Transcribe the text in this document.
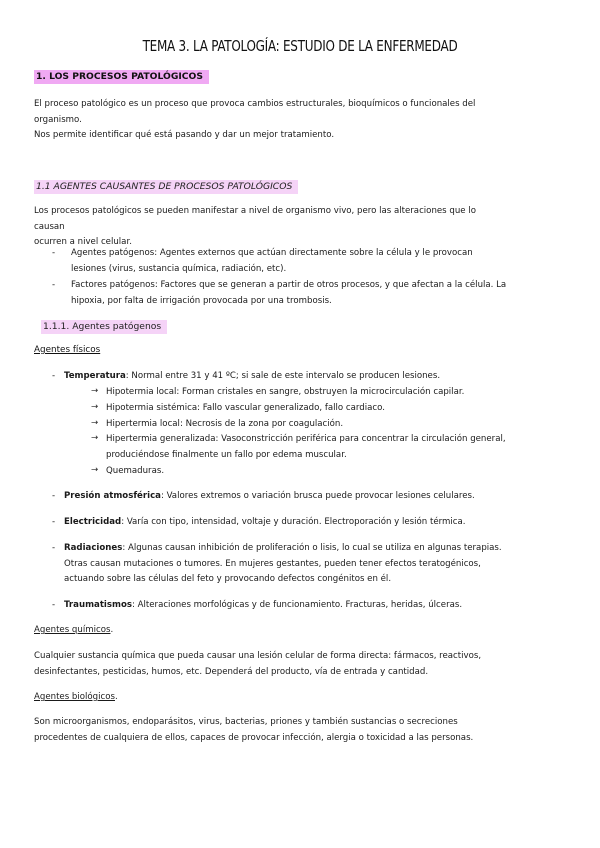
TEMA 3. LA PATOLOGÍA: ESTUDIO DE LA ENFERMEDAD
1. LOS PROCESOS PATOLÓGICOS
El proceso patológico es un proceso que provoca cambios estructurales, bioquímicos o funcionales del
organismo.
Nos permite identificar qué está pasando y dar un mejor tratamiento.
1.1 AGENTES CAUSANTES DE PROCESOS PATOLÓGICOS
Los procesos patológicos se pueden manifestar a nivel de organismo vivo, pero las alteraciones que lo causan
ocurren a nivel celular.
- Agentes patógenos: Agentes externos que actúan directamente sobre la célula y le provocan
lesiones (virus, sustancia química, radiación, etc).
- Factores patógenos: Factores que se generan a partir de otros procesos, y que afectan a la célula. La
hipoxia, por falta de irrigación provocada por una trombosis.
1.1.1. Agentes patógenos
Agentes físicos
- Temperatura: Normal entre 31 y 41 ºC; si sale de este intervalo se producen lesiones.
→ Hipotermia local: Forman cristales en sangre, obstruyen la microcirculación capilar.
→ Hipotermia sistémica: Fallo vascular generalizado, fallo cardiaco.
→ Hipertermia local: Necrosis de la zona por coagulación.
→ Hipertermia generalizada: Vasoconstricción periférica para concentrar la circulación general,
produciéndose finalmente un fallo por edema muscular.
→ Quemaduras.
- Presión atmosférica: Valores extremos o variación brusca puede provocar lesiones celulares.
- Electricidad: Varía con tipo, intensidad, voltaje y duración. Electroporación y lesión térmica.
- Radiaciones: Algunas causan inhibición de proliferación o lisis, lo cual se utiliza en algunas terapias.
Otras causan mutaciones o tumores. En mujeres gestantes, pueden tener efectos teratogénicos,
actuando sobre las células del feto y provocando defectos congénitos en él.
- Traumatismos: Alteraciones morfológicas y de funcionamiento. Fracturas, heridas, úlceras.
Agentes químicos.
Cualquier sustancia química que pueda causar una lesión celular de forma directa: fármacos, reactivos,
desinfectantes, pesticidas, humos, etc. Dependerá del producto, vía de entrada y cantidad.
Agentes biológicos.
Son microorganismos, endoparásitos, virus, bacterias, priones y también sustancias o secreciones
procedentes de cualquiera de ellos, capaces de provocar infección, alergia o toxicidad a las personas.
